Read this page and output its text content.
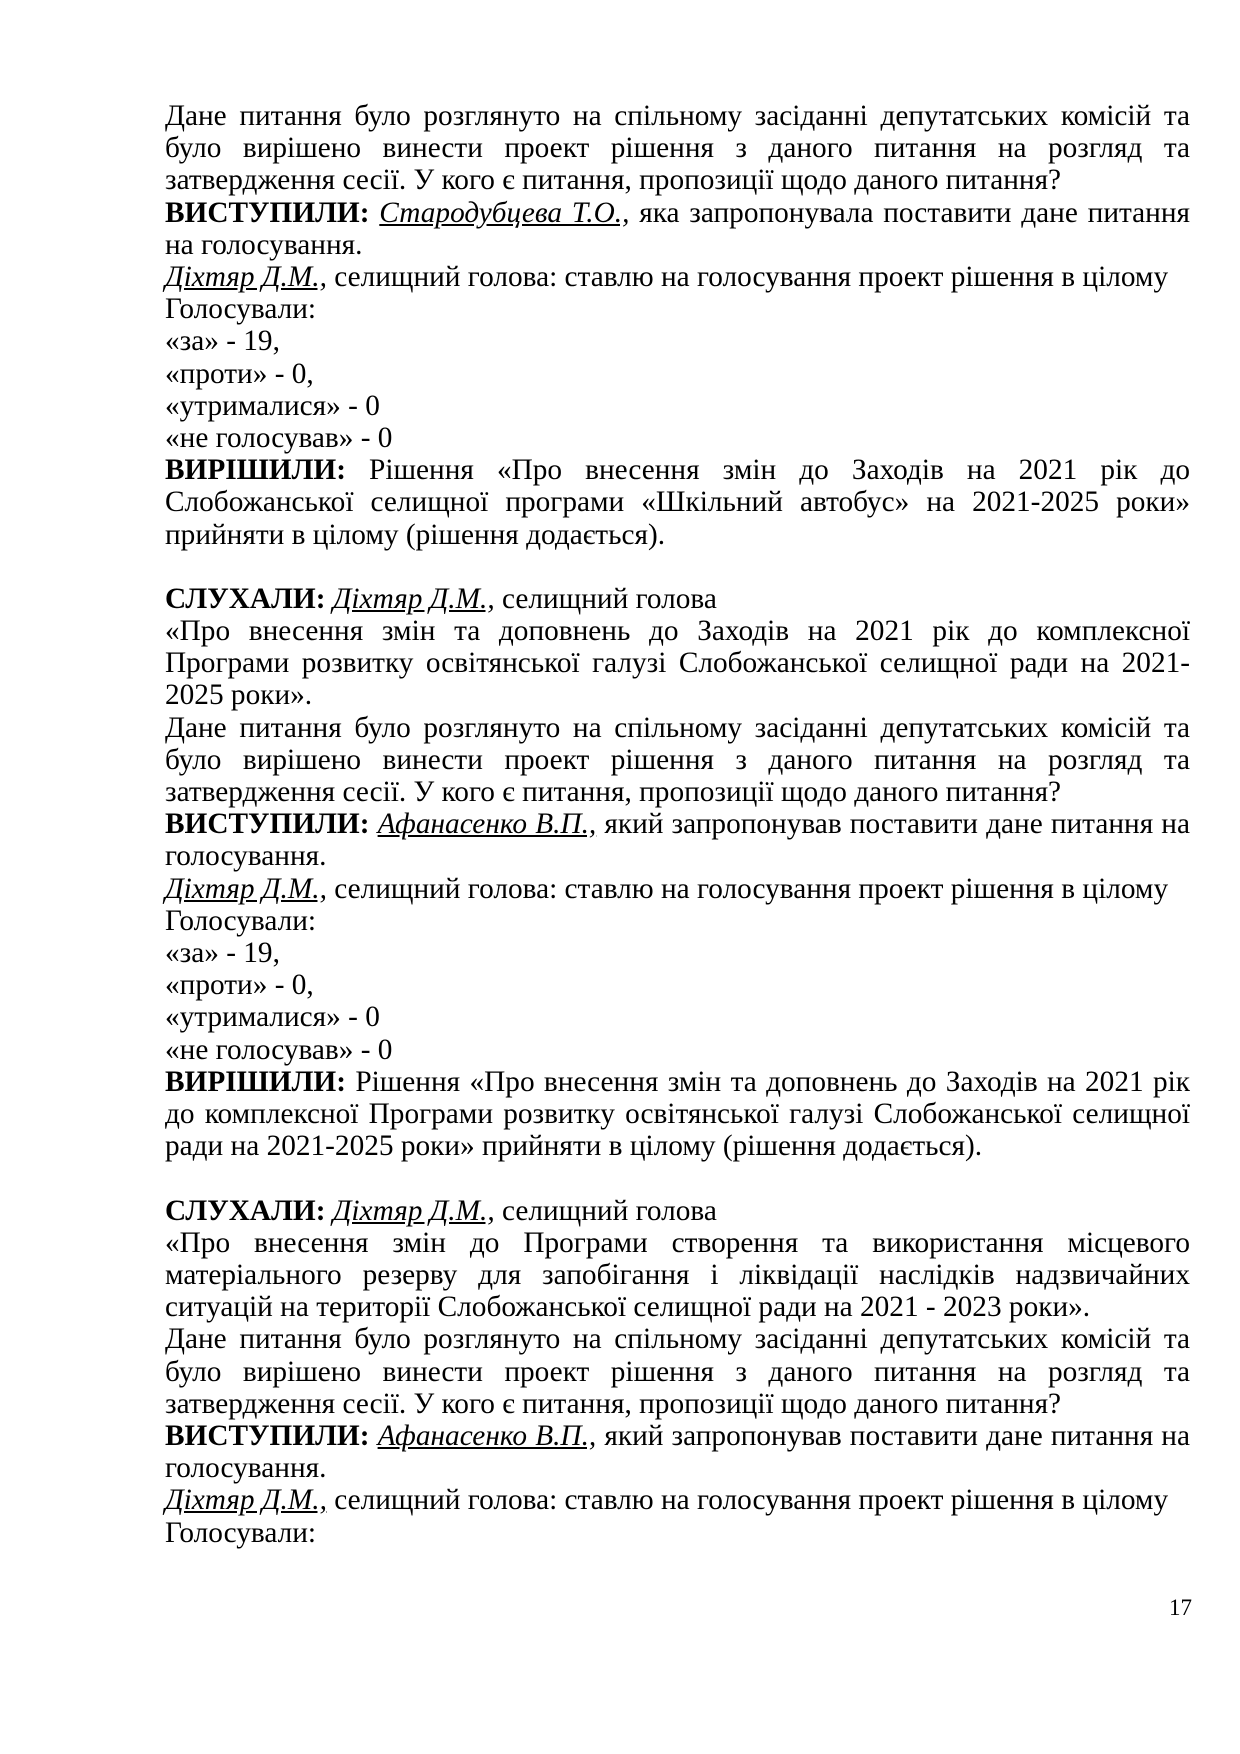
Дане питання було розглянуто на спільному засіданні депутатських комісій та було вирішено винести проект рішення з даного питання на розгляд та затвердження сесії. У кого є питання, пропозиції щодо даного питання?

ВИСТУПИЛИ: Стародубцева Т.О., яка запропонувала поставити дане питання на голосування.

Діхтяр Д.М., селищний голова: ставлю на голосування проект рішення в цілому

Голосували:
«за» - 19,
«проти» - 0,
«утрималися» - 0
«не голосував» - 0

ВИРІШИЛИ: Рішення «Про внесення змін до Заходів на 2021 рік до Слобожанської селищної програми «Шкільний автобус» на 2021-2025 роки» прийняти в цілому (рішення додається).

СЛУХАЛИ: Діхтяр Д.М., селищний голова

«Про внесення змін та доповнень до Заходів на 2021 рік до комплексної Програми розвитку освітянської галузі Слобожанської селищної ради на 2021-2025 роки».

Дане питання було розглянуто на спільному засіданні депутатських комісій та було вирішено винести проект рішення з даного питання на розгляд та затвердження сесії. У кого є питання, пропозиції щодо даного питання?

ВИСТУПИЛИ: Афанасенко В.П., який запропонував поставити дане питання на голосування.

Діхтяр Д.М., селищний голова: ставлю на голосування проект рішення в цілому

Голосували:
«за» - 19,
«проти» - 0,
«утрималися» - 0
«не голосував» - 0

ВИРІШИЛИ: Рішення «Про внесення змін та доповнень до Заходів на 2021 рік до комплексної Програми розвитку освітянської галузі Слобожанської селищної ради на 2021-2025 роки» прийняти в цілому (рішення додається).

СЛУХАЛИ: Діхтяр Д.М., селищний голова

«Про внесення змін до Програми створення та використання місцевого матеріального резерву для запобігання і ліквідації наслідків надзвичайних ситуацій на території Слобожанської селищної ради на 2021 - 2023 роки».

Дане питання було розглянуто на спільному засіданні депутатських комісій та було вирішено винести проект рішення з даного питання на розгляд та затвердження сесії. У кого є питання, пропозиції щодо даного питання?

ВИСТУПИЛИ: Афанасенко В.П., який запропонував поставити дане питання на голосування.

Діхтяр Д.М., селищний голова: ставлю на голосування проект рішення в цілому

Голосували:
17
